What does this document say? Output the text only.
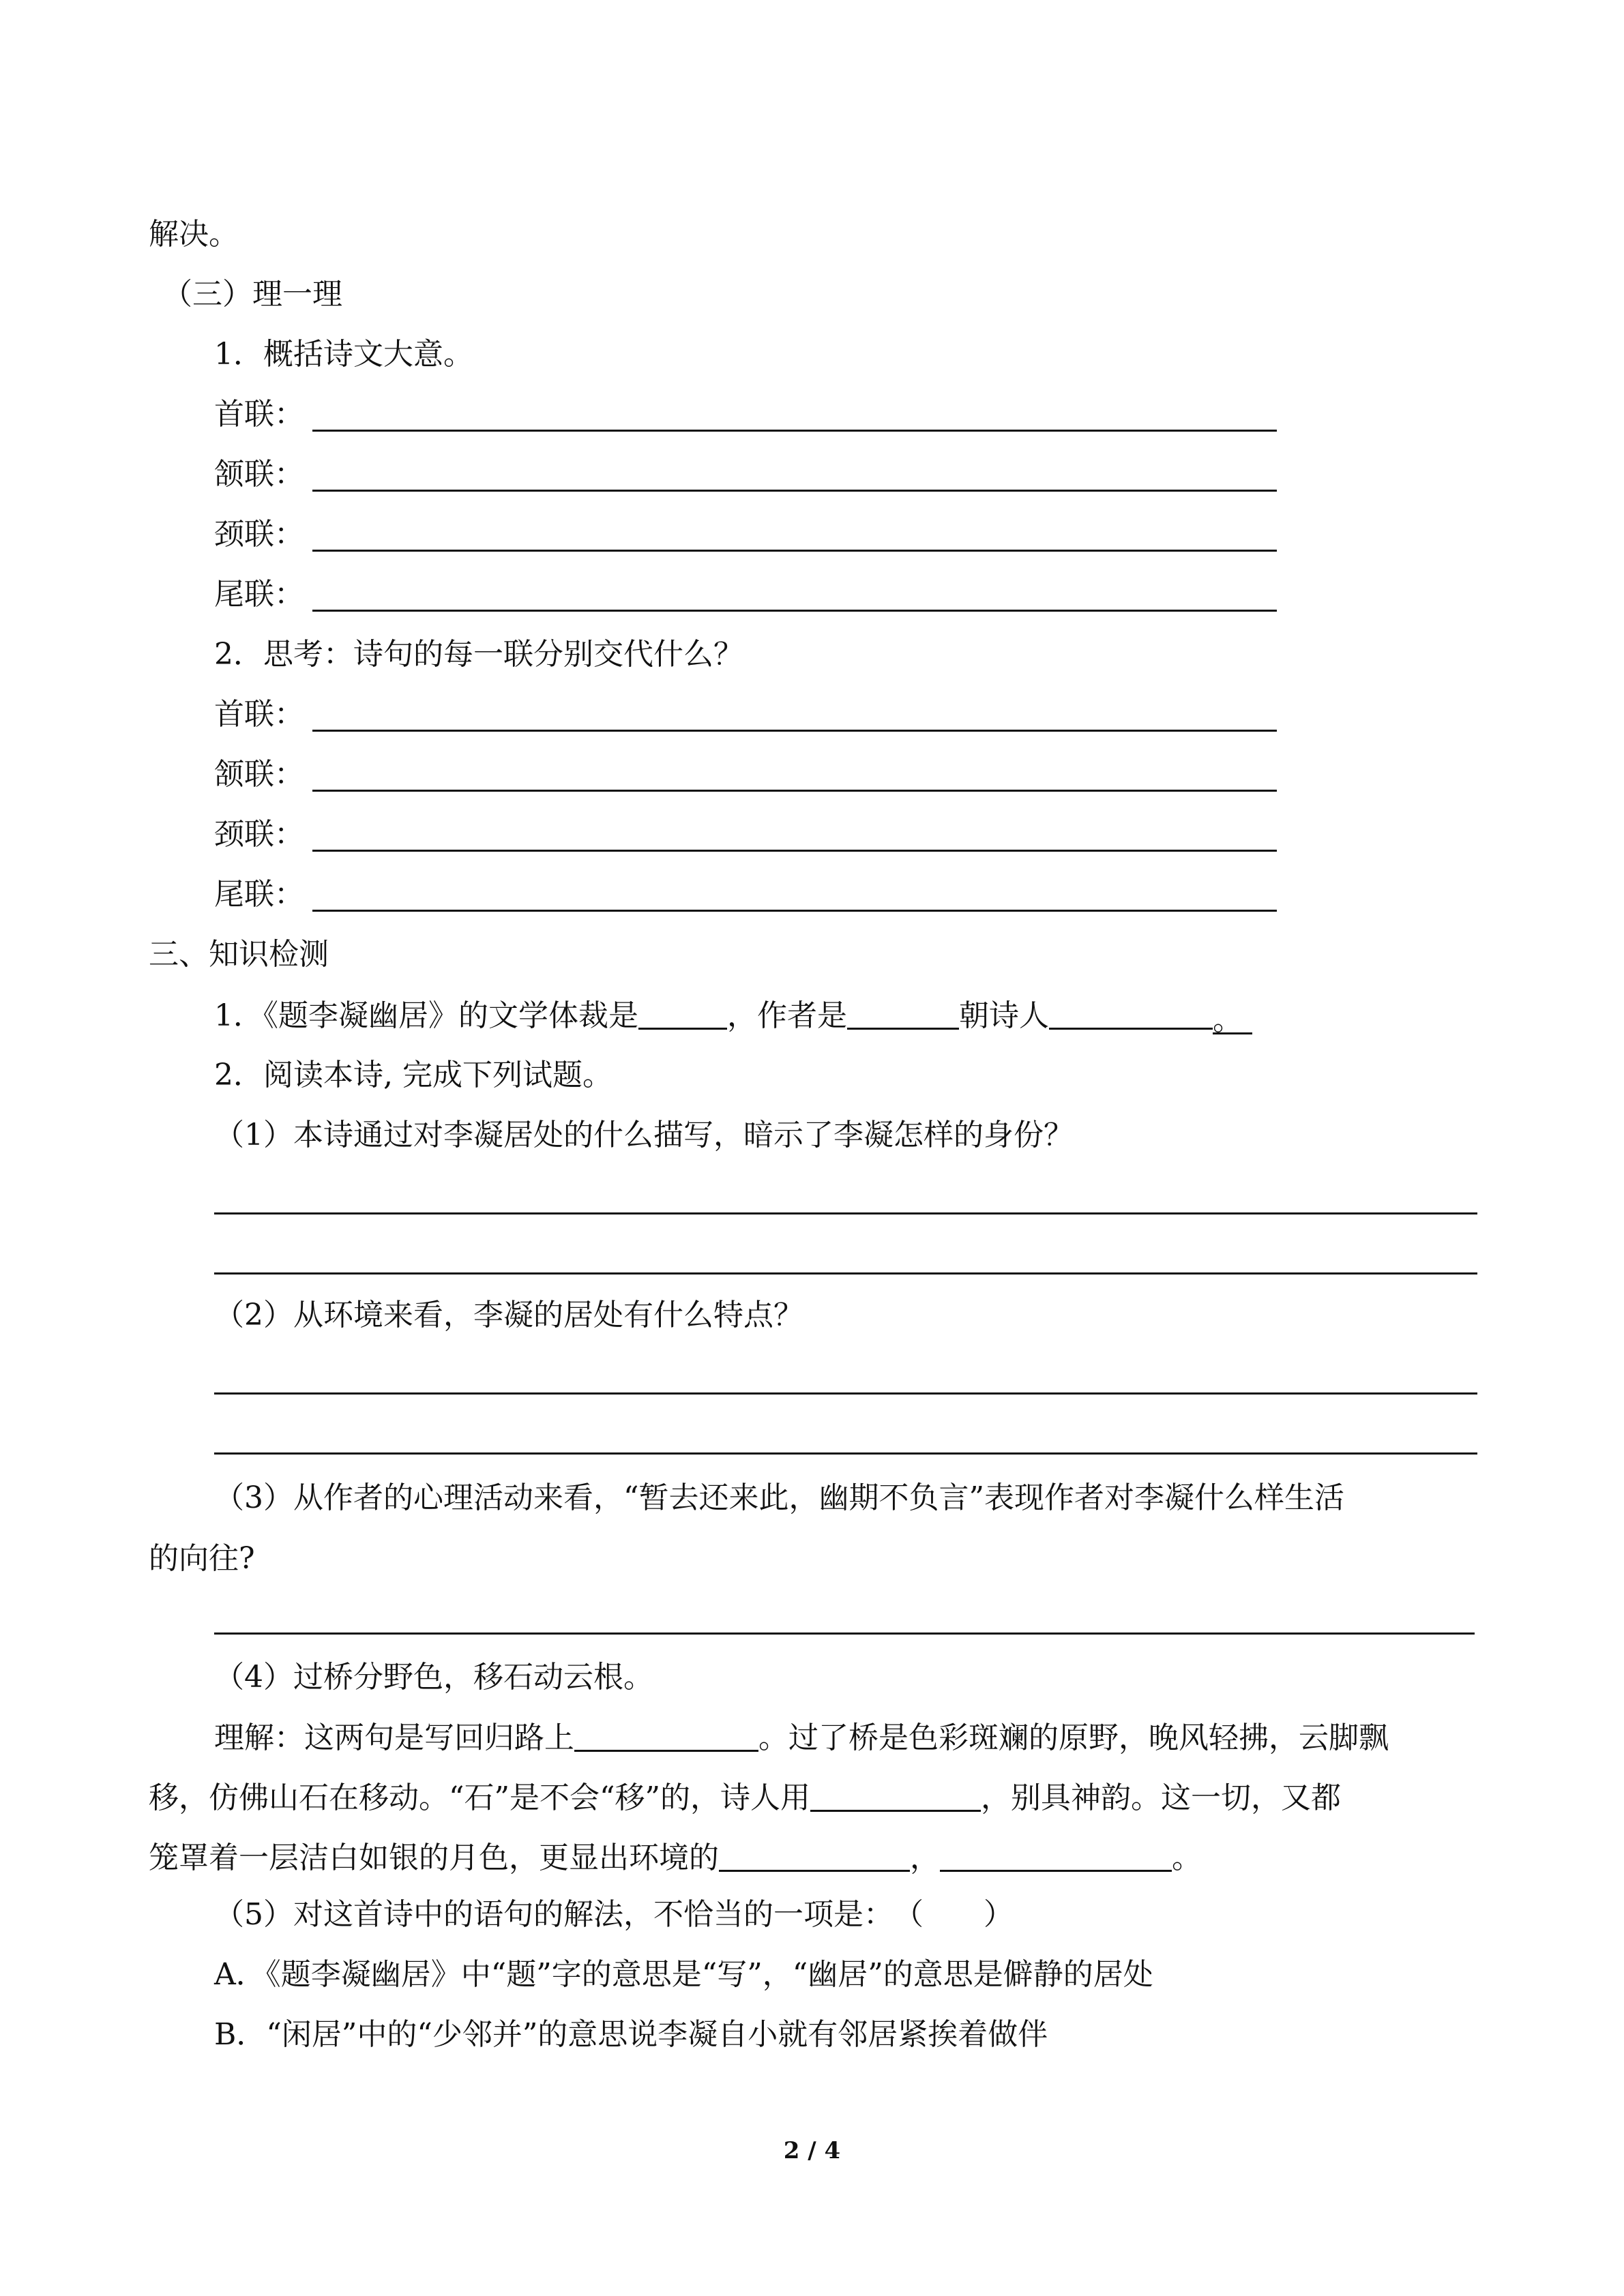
解决。
（三）理一理
1．概括诗文大意。
首联：
颔联：
颈联：
尾联：
2．思考：诗句的每一联分别交代什么？
首联：
颔联：
颈联：
尾联：
三、知识检测
1．《题李凝幽居》的文学体裁是	，作者是	朝诗人	。
2．阅读本诗, 完成下列试题。
（1）本诗通过对李凝居处的什么描写，暗示了李凝怎样的身份？
（2）从环境来看，李凝的居处有什么特点？
（3）从作者的心理活动来看，“暂去还来此，幽期不负言”表现作者对李凝什么样生活
的向往?
（4）过桥分野色，移石动云根。
理解：这两句是写回归路上	。过了桥是色彩斑斓的原野，晚风轻拂，云脚飘
移，仿佛山石在移动。“石”是不会“移”的，诗人用	，别具神韵。这一切，又都
笼罩着一层洁白如银的月色，更显出环境的	，	。
（5）对这首诗中的语句的解法，不恰当的一项是：　（　　）
A．《题李凝幽居》中“题”字的意思是“写”，“幽居”的意思是僻静的居处
B．“闲居”中的“少邻并”的意思说李凝自小就有邻居紧挨着做伴
2 / 4
